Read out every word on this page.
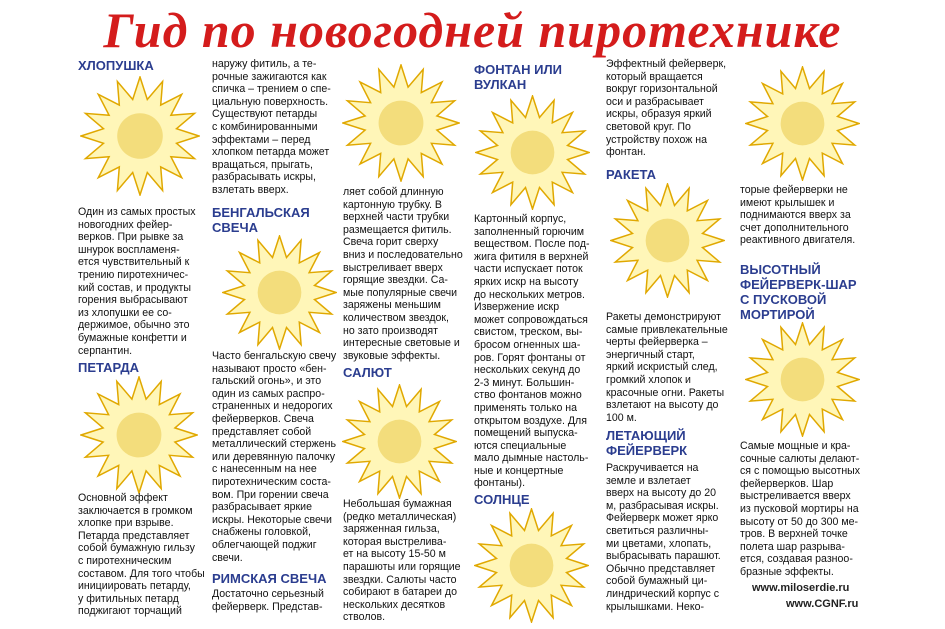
Гид по новогодней пиротехнике
ХЛОПУШКА

Один из самых простых
новогодних фейер-
верков. При рывке за
шнурок воспламеня-
ется чувствительный к
трению пиротехничес-
кий состав, и продукты
горения выбрасывают
из хлопушки ее со-
держимое, обычно это
бумажные конфетти и
серпантин.

ПЕТАРДА

Основной эффект
заключается в громком
хлопке при взрыве.
Петарда представляет
собой бумажную гильзу
с пиротехническим
составом. Для того чтобы
инициировать петарду,
у фитильных петард
поджигают торчащий

наружу фитиль, а те-
рочные зажигаются как
спичка – трением о спе-
циальную поверхность.
Существуют петарды
с комбинированными
эффектами – перед
хлопком петарда может
вращаться, прыгать,
разбрасывать искры,
взлетать вверх.

БЕНГАЛЬСКАЯ
СВЕЧА

Часто бенгальскую свечу
называют просто «бен-
гальский огонь», и это
один из самых распро-
страненных и недорогих
фейерверков. Свеча
представляет собой
металлический стержень
или деревянную палочку
с нанесенным на нее
пиротехническим соста-
вом. При горении свеча
разбрасывает яркие
искры. Некоторые свечи
снабжены головкой,
облегчающей поджиг
свечи.

РИМСКАЯ СВЕЧА

Достаточно серьезный
фейерверк. Представ-

ляет собой длинную
картонную трубку. В
верхней части трубки
размещается фитиль.
Свеча горит сверху
вниз и последовательно
выстреливает вверх
горящие звездки. Са-
мые популярные свечи
заряжены меньшим
количеством звездок,
но зато производят
интересные световые и
звуковые эффекты.

САЛЮТ

Небольшая бумажная
(редко металлическая)
заряженная гильза,
которая выстрелива-
ет на высоту 15-50 м
парашюты или горящие
звездки. Салюты часто
собирают в батареи до
нескольких десятков
стволов.

ФОНТАН ИЛИ
ВУЛКАН

Картонный корпус,
заполненный горючим
веществом. После под-
жига фитиля в верхней
части испускает поток
ярких искр на высоту
до нескольких метров.
Извержение искр
может сопровождаться
свистом, треском, вы-
бросом огненных ша-
ров. Горят фонтаны от
нескольких секунд до
2-3 минут. Большин-
ство фонтанов можно
применять только на
открытом воздухе. Для
помещений выпуска-
ются специальные
мало дымные настоль-
ные и концертные
фонтаны).

СОЛНЦЕ

Эффектный фейерверк,
который вращается
вокруг горизонтальной
оси и разбрасывает
искры, образуя яркий
световой круг. По
устройству похож на
фонтан.

РАКЕТА

Ракеты демонстрируют
самые привлекательные
черты фейерверка –
энергичный старт,
яркий искристый след,
громкий хлопок и
красочные огни. Ракеты
взлетают на высоту до
100 м.

ЛЕТАЮЩИЙ
ФЕЙЕРВЕРК

Раскручивается на
земле и взлетает
вверх на высоту до 20
м, разбрасывая искры.
Фейерверк может ярко
светиться различны-
ми цветами, хлопать,
выбрасывать парашют.
Обычно представляет
собой бумажный ци-
линдрический корпус с
крылышками. Неко-

торые фейерверки не
имеют крылышек и
поднимаются вверх за
счет дополнительного
реактивного двигателя.

ВЫСОТНЫЙ
ФЕЙЕРВЕРК-ШАР
С ПУСКОВОЙ
МОРТИРОЙ

Самые мощные и кра-
сочные салюты делают-
ся с помощью высотных
фейерверков. Шар
выстреливается вверх
из пусковой мортиры на
высоту от 50 до 300 ме-
тров. В верхней точке
полета шар разрыва-
ется, создавая разноо-
бразные эффекты.

www.miloserdie.ru
www.CGNF.ru
